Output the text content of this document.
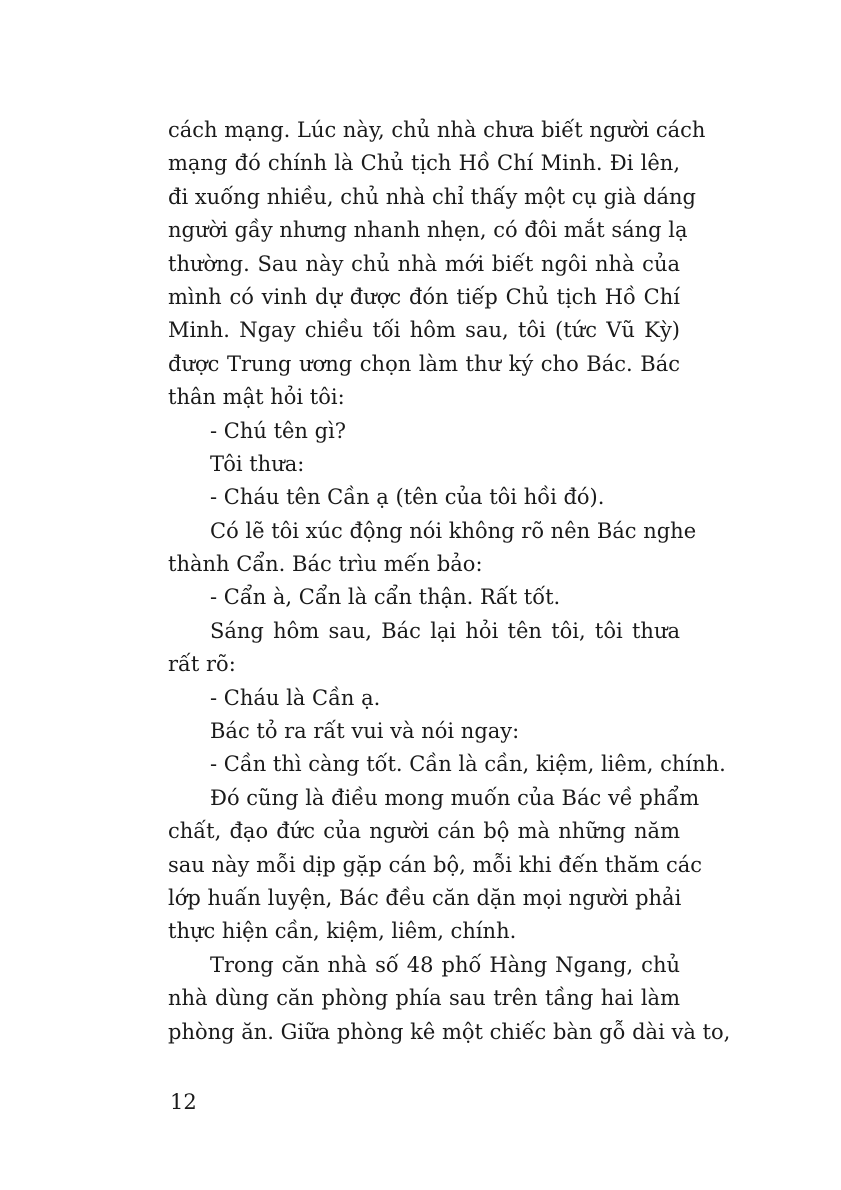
cách mạng. Lúc này, chủ nhà chưa biết người cách
mạng đó chính là Chủ tịch Hồ Chí Minh. Đi lên,
đi xuống nhiều, chủ nhà chỉ thấy một cụ già dáng
người gầy nhưng nhanh nhẹn, có đôi mắt sáng lạ
thường. Sau này chủ nhà mới biết ngôi nhà của
mình có vinh dự được đón tiếp Chủ tịch Hồ Chí
Minh. Ngay chiều tối hôm sau, tôi (tức Vũ Kỳ)
được Trung ương chọn làm thư ký cho Bác. Bác
thân mật hỏi tôi:
- Chú tên gì?
Tôi thưa:
- Cháu tên Cần ạ (tên của tôi hồi đó).
Có lẽ tôi xúc động nói không rõ nên Bác nghe
thành Cẩn. Bác trìu mến bảo:
- Cẩn à, Cẩn là cẩn thận. Rất tốt.
Sáng hôm sau, Bác lại hỏi tên tôi, tôi thưa
rất rõ:
- Cháu là Cần ạ.
Bác tỏ ra rất vui và nói ngay:
- Cần thì càng tốt. Cần là cần, kiệm, liêm, chính.
Đó cũng là điều mong muốn của Bác về phẩm
chất, đạo đức của người cán bộ mà những năm
sau này mỗi dịp gặp cán bộ, mỗi khi đến thăm các
lớp huấn luyện, Bác đều căn dặn mọi người phải
thực hiện cần, kiệm, liêm, chính.
Trong căn nhà số 48 phố Hàng Ngang, chủ
nhà dùng căn phòng phía sau trên tầng hai làm
phòng ăn. Giữa phòng kê một chiếc bàn gỗ dài và to,
12
